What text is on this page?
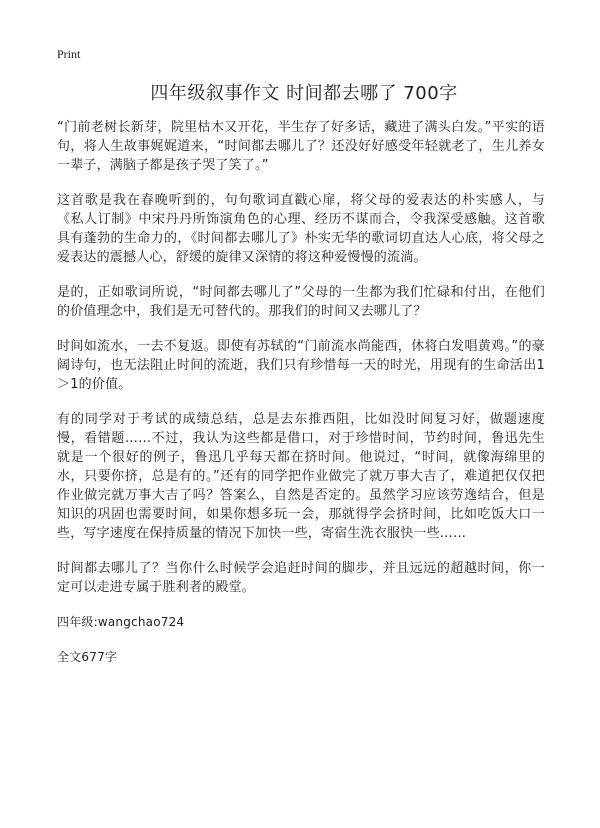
Print
四年级叙事作文 时间都去哪了 700字

“门前老树长新芽，院里枯木又开花，半生存了好多话，藏进了满头白发。”平实的语句，将人生故事娓娓道来，“时间都去哪儿了？还没好好感受年轻就老了，生儿养女一辈子，满脑子都是孩子哭了笑了。”

这首歌是我在春晚听到的，句句歌词直戳心扉，将父母的爱表达的朴实感人，与《私人订制》中宋丹丹所饰演角色的心理、经历不谋而合，令我深受感触。这首歌具有蓬勃的生命力的，《时间都去哪儿了》朴实无华的歌词切直达人心底，将父母之爱表达的震撼人心，舒缓的旋律又深情的将这种爱慢慢的流淌。

是的，正如歌词所说，“时间都去哪儿了”父母的一生都为我们忙碌和付出，在他们的价值理念中，我们是无可替代的。那我们的时间又去哪儿了？

时间如流水，一去不复返。即使有苏轼的“门前流水尚能西，休将白发唱黄鸡。”的豪阔诗句，也无法阻止时间的流逝，我们只有珍惜每一天的时光，用现有的生命活出1＞1的价值。

有的同学对于考试的成绩总结，总是去东推西阻，比如没时间复习好，做题速度慢，看错题……不过，我认为这些都是借口，对于珍惜时间，节约时间，鲁迅先生就是一个很好的例子，鲁迅几乎每天都在挤时间。他说过，“时间，就像海绵里的水，只要你挤，总是有的。”还有的同学把作业做完了就万事大吉了，难道把仅仅把作业做完就万事大吉了吗？答案么，自然是否定的。虽然学习应该劳逸结合，但是知识的巩固也需要时间，如果你想多玩一会，那就得学会挤时间，比如吃饭大口一些，写字速度在保持质量的情况下加快一些，寄宿生洗衣服快一些……

时间都去哪儿了？当你什么时候学会追赶时间的脚步，并且远远的超越时间，你一定可以走进专属于胜利者的殿堂。

四年级:wangchao724

全文677字
